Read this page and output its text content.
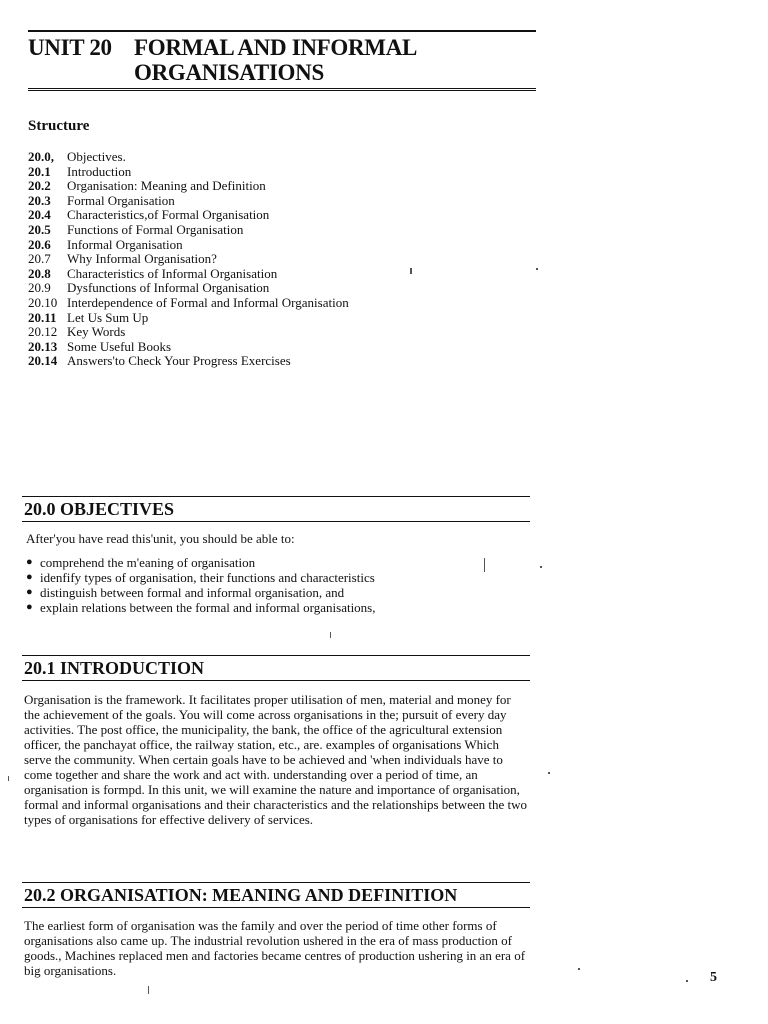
UNIT 20 FORMAL AND INFORMAL
ORGANISATIONS
Structure
20.0,	Objectives.
20.1	Introduction
20.2	Organisation: Meaning and Definition
20.3	Formal Organisation
20.4	Characteristics,of Formal Organisation
20.5	Functions of Formal Organisation
20.6	Informal Organisation
20.7	Why Informal Organisation?
20.8	Characteristics of Informal Organisation
20.9	Dysfunctions of Informal Organisation
20.10 Interdependence of Formal and Informal Organisation
20.11 Let Us Sum Up
20.12 Key Words
20.13 Some Useful Books
20.14 Answers'to Check Your Progress Exercises
20.0 OBJECTIVES

After'you have read this'unit, you should be able to:

● comprehend the m'eaning of organisation
● idenfify types of organisation, their functions and characteristics
● distinguish between formal and informal organisation, and
● explain relations between the formal and informal organisations,
20.1 INTRODUCTION

Organisation is the framework. It facilitates proper utilisation of men, material and money for the achievement of the goals. You will come across organisations in the; pursuit of every day activities. The post office, the municipality, the bank, the office of the agricultural extension officer, the panchayat office, the railway station, etc., are. examples of organisations Which serve the community. When certain goals have to be achieved and 'when individuals have to come together and share the work and act with. understanding over a period of time, an organisation is formpd. In this unit, we will examine the nature and importance of organisation, formal and informal organisations and their characteristics and the relationships between the two types of organisations for effective delivery of services.

20.2 ORGANISATION: MEANING AND DEFINITION

The earliest form of organisation was the family and over the period of time other forms of organisations also came up. The industrial revolution ushered in the era of mass production of goods., Machines replaced men and factories became centres of production ushering in an era of big organisations.	5
